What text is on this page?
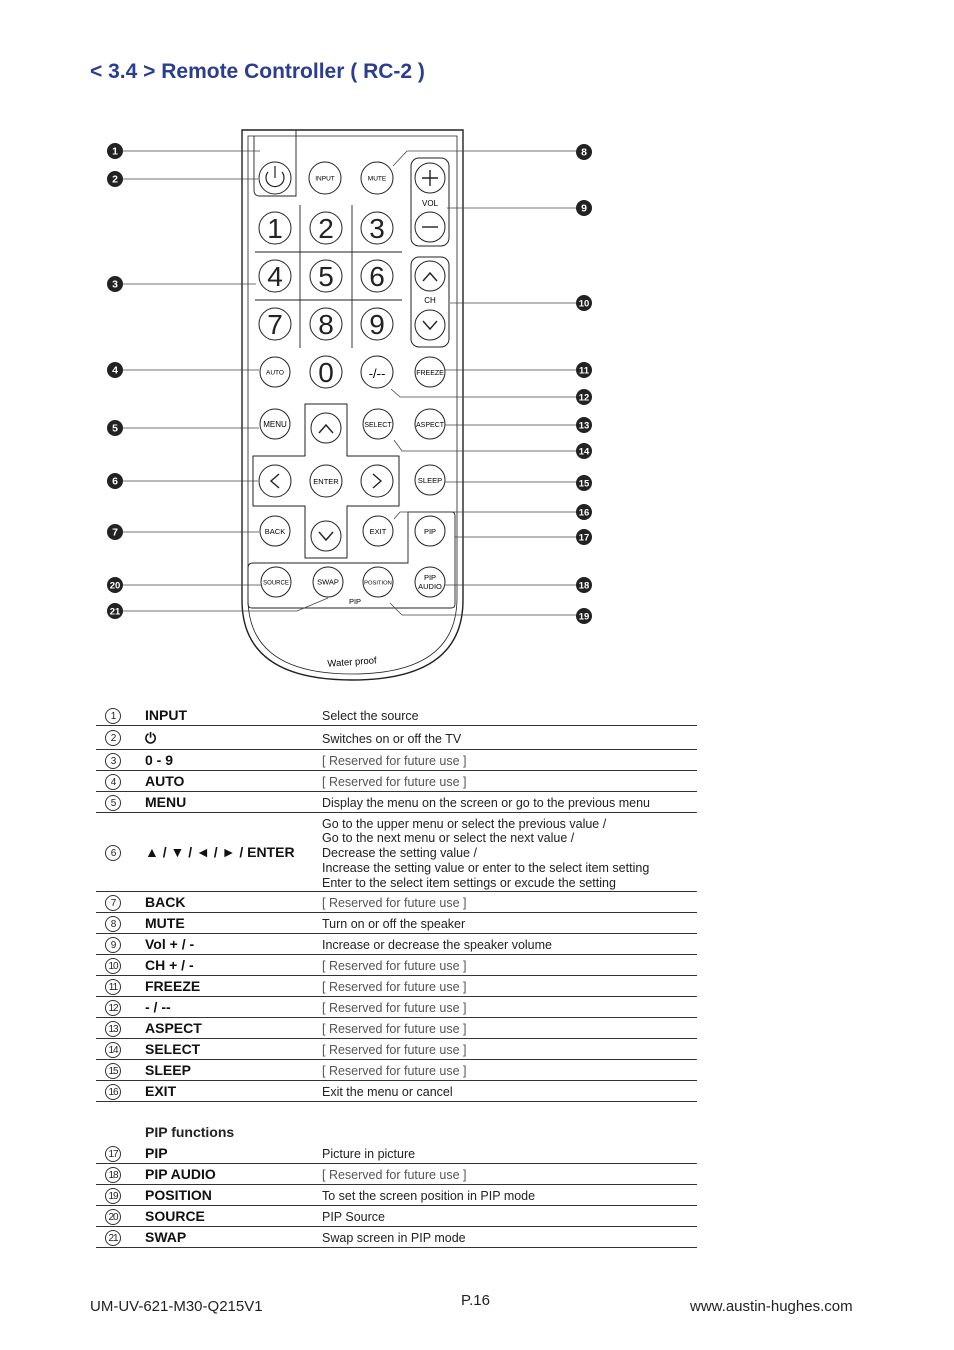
< 3.4 > Remote Controller ( RC-2 )
INPUT	MUTE
VOL
CH
1 2 3
4 5 6
7 8 9
0
AUTO	-/--	FREEZE
MENU	SELECT	ASPECT
ENTER	SLEEP
BACK	EXIT	PIP
SOURCE	SWAP	POSITION
PIP
AUDIO
PIP
Water proof
1
2
3
4
5
6
7
8
9
10
11
12
13
14
15
16
17
18
19
20
21
1	INPUT	Select the source
2	⏻	Switches on or off the TV
3	0 - 9	[ Reserved for future use ]
4	AUTO	[ Reserved for future use ]
5	MENU	Display the menu on the screen or go to the previous menu
6	▲ / ▼ / ◄ / ► / ENTER
Go to the upper menu or select the previous value /
Go to the next menu or select the next value /
Decrease the setting value /
Increase the setting value or enter to the select item setting
Enter to the select item settings or excude the setting
7	BACK	[ Reserved for future use ]
8	MUTE	Turn on or off the speaker
9	Vol + / -	Increase or decrease the speaker volume
10 CH + / -	[ Reserved for future use ]
11 FREEZE	[ Reserved for future use ]
12 - / --	[ Reserved for future use ]
13 ASPECT	[ Reserved for future use ]
14 SELECT	[ Reserved for future use ]
15 SLEEP	[ Reserved for future use ]
16 EXIT	Exit the menu or cancel
PIP functions
17 PIP	Picture in picture
18 PIP AUDIO	[ Reserved for future use ]
19 POSITION	To set the screen position in PIP mode
20 SOURCE	PIP Source
21 SWAP	Swap screen in PIP mode
UM-UV-621-M30-Q215V1	P.16	www.austin-hughes.com
